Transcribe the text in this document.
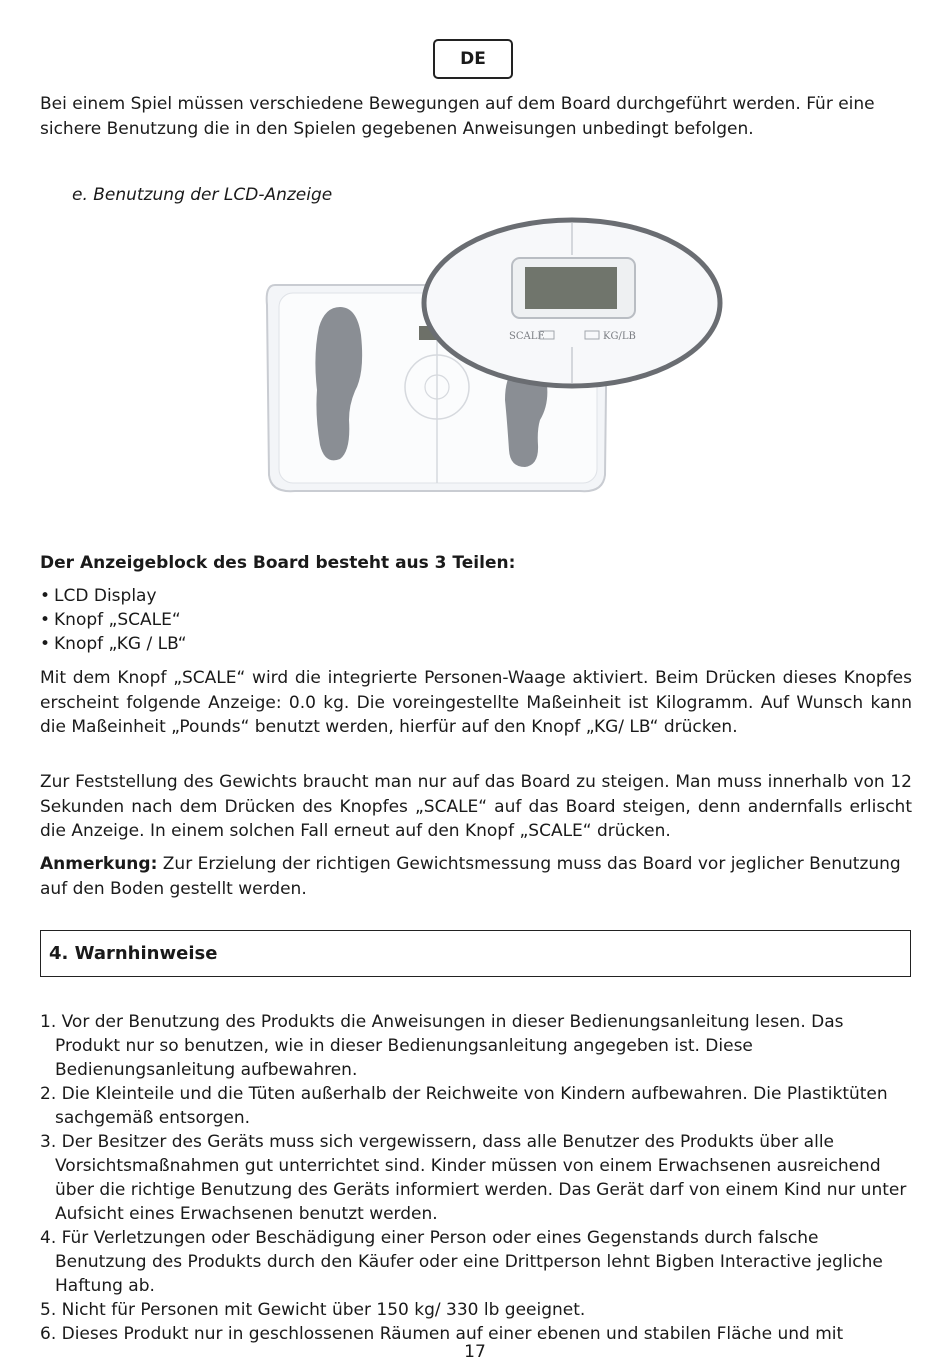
DE

Bei einem Spiel müssen verschiedene Bewegungen auf dem Board durchgeführt werden. Für eine sichere Benutzung die in den Spielen gegebenen Anweisungen unbedingt befolgen.

e. Benutzung der LCD-Anzeige
SCALE	KG/LB
Der Anzeigeblock des Board besteht aus 3 Teilen:
• LCD Display
• Knopf „SCALE“
• Knopf „KG / LB“

Mit dem Knopf „SCALE“ wird die integrierte Personen-Waage aktiviert. Beim Drücken dieses Knopfes erscheint folgende Anzeige: 0.0 kg. Die voreingestellte Maßeinheit ist Kilogramm. Auf Wunsch kann die Maßeinheit „Pounds“ benutzt werden, hierfür auf den Knopf „KG/ LB“ drücken.

Zur Feststellung des Gewichts braucht man nur auf das Board zu steigen. Man muss innerhalb von 12 Sekunden nach dem Drücken des Knopfes „SCALE“ auf das Board steigen, denn andernfalls erlischt die Anzeige. In einem solchen Fall erneut auf den Knopf „SCALE“ drücken.

Anmerkung: Zur Erzielung der richtigen Gewichtsmessung muss das Board vor jeglicher Benutzung auf den Boden gestellt werden.

4. Warnhinweise
1. Vor der Benutzung des Produkts die Anweisungen in dieser Bedienungsanleitung lesen. Das Produkt nur so benutzen, wie in dieser Bedienungsanleitung angegeben ist. Diese Bedienungsanleitung aufbewahren.
2. Die Kleinteile und die Tüten außerhalb der Reichweite von Kindern aufbewahren. Die Plastiktüten sachgemäß entsorgen.
3. Der Besitzer des Geräts muss sich vergewissern, dass alle Benutzer des Produkts über alle Vorsichtsmaßnahmen gut unterrichtet sind. Kinder müssen von einem Erwachsenen ausreichend über die richtige Benutzung des Geräts informiert werden. Das Gerät darf von einem Kind nur unter Aufsicht eines Erwachsenen benutzt werden.
4. Für Verletzungen oder Beschädigung einer Person oder eines Gegenstands durch falsche Benutzung des Produkts durch den Käufer oder eine Drittperson lehnt Bigben Interactive jegliche Haftung ab.
5. Nicht für Personen mit Gewicht über 150 kg/ 330 lb geeignet.
6. Dieses Produkt nur in geschlossenen Räumen auf einer ebenen und stabilen Fläche und mit
17
